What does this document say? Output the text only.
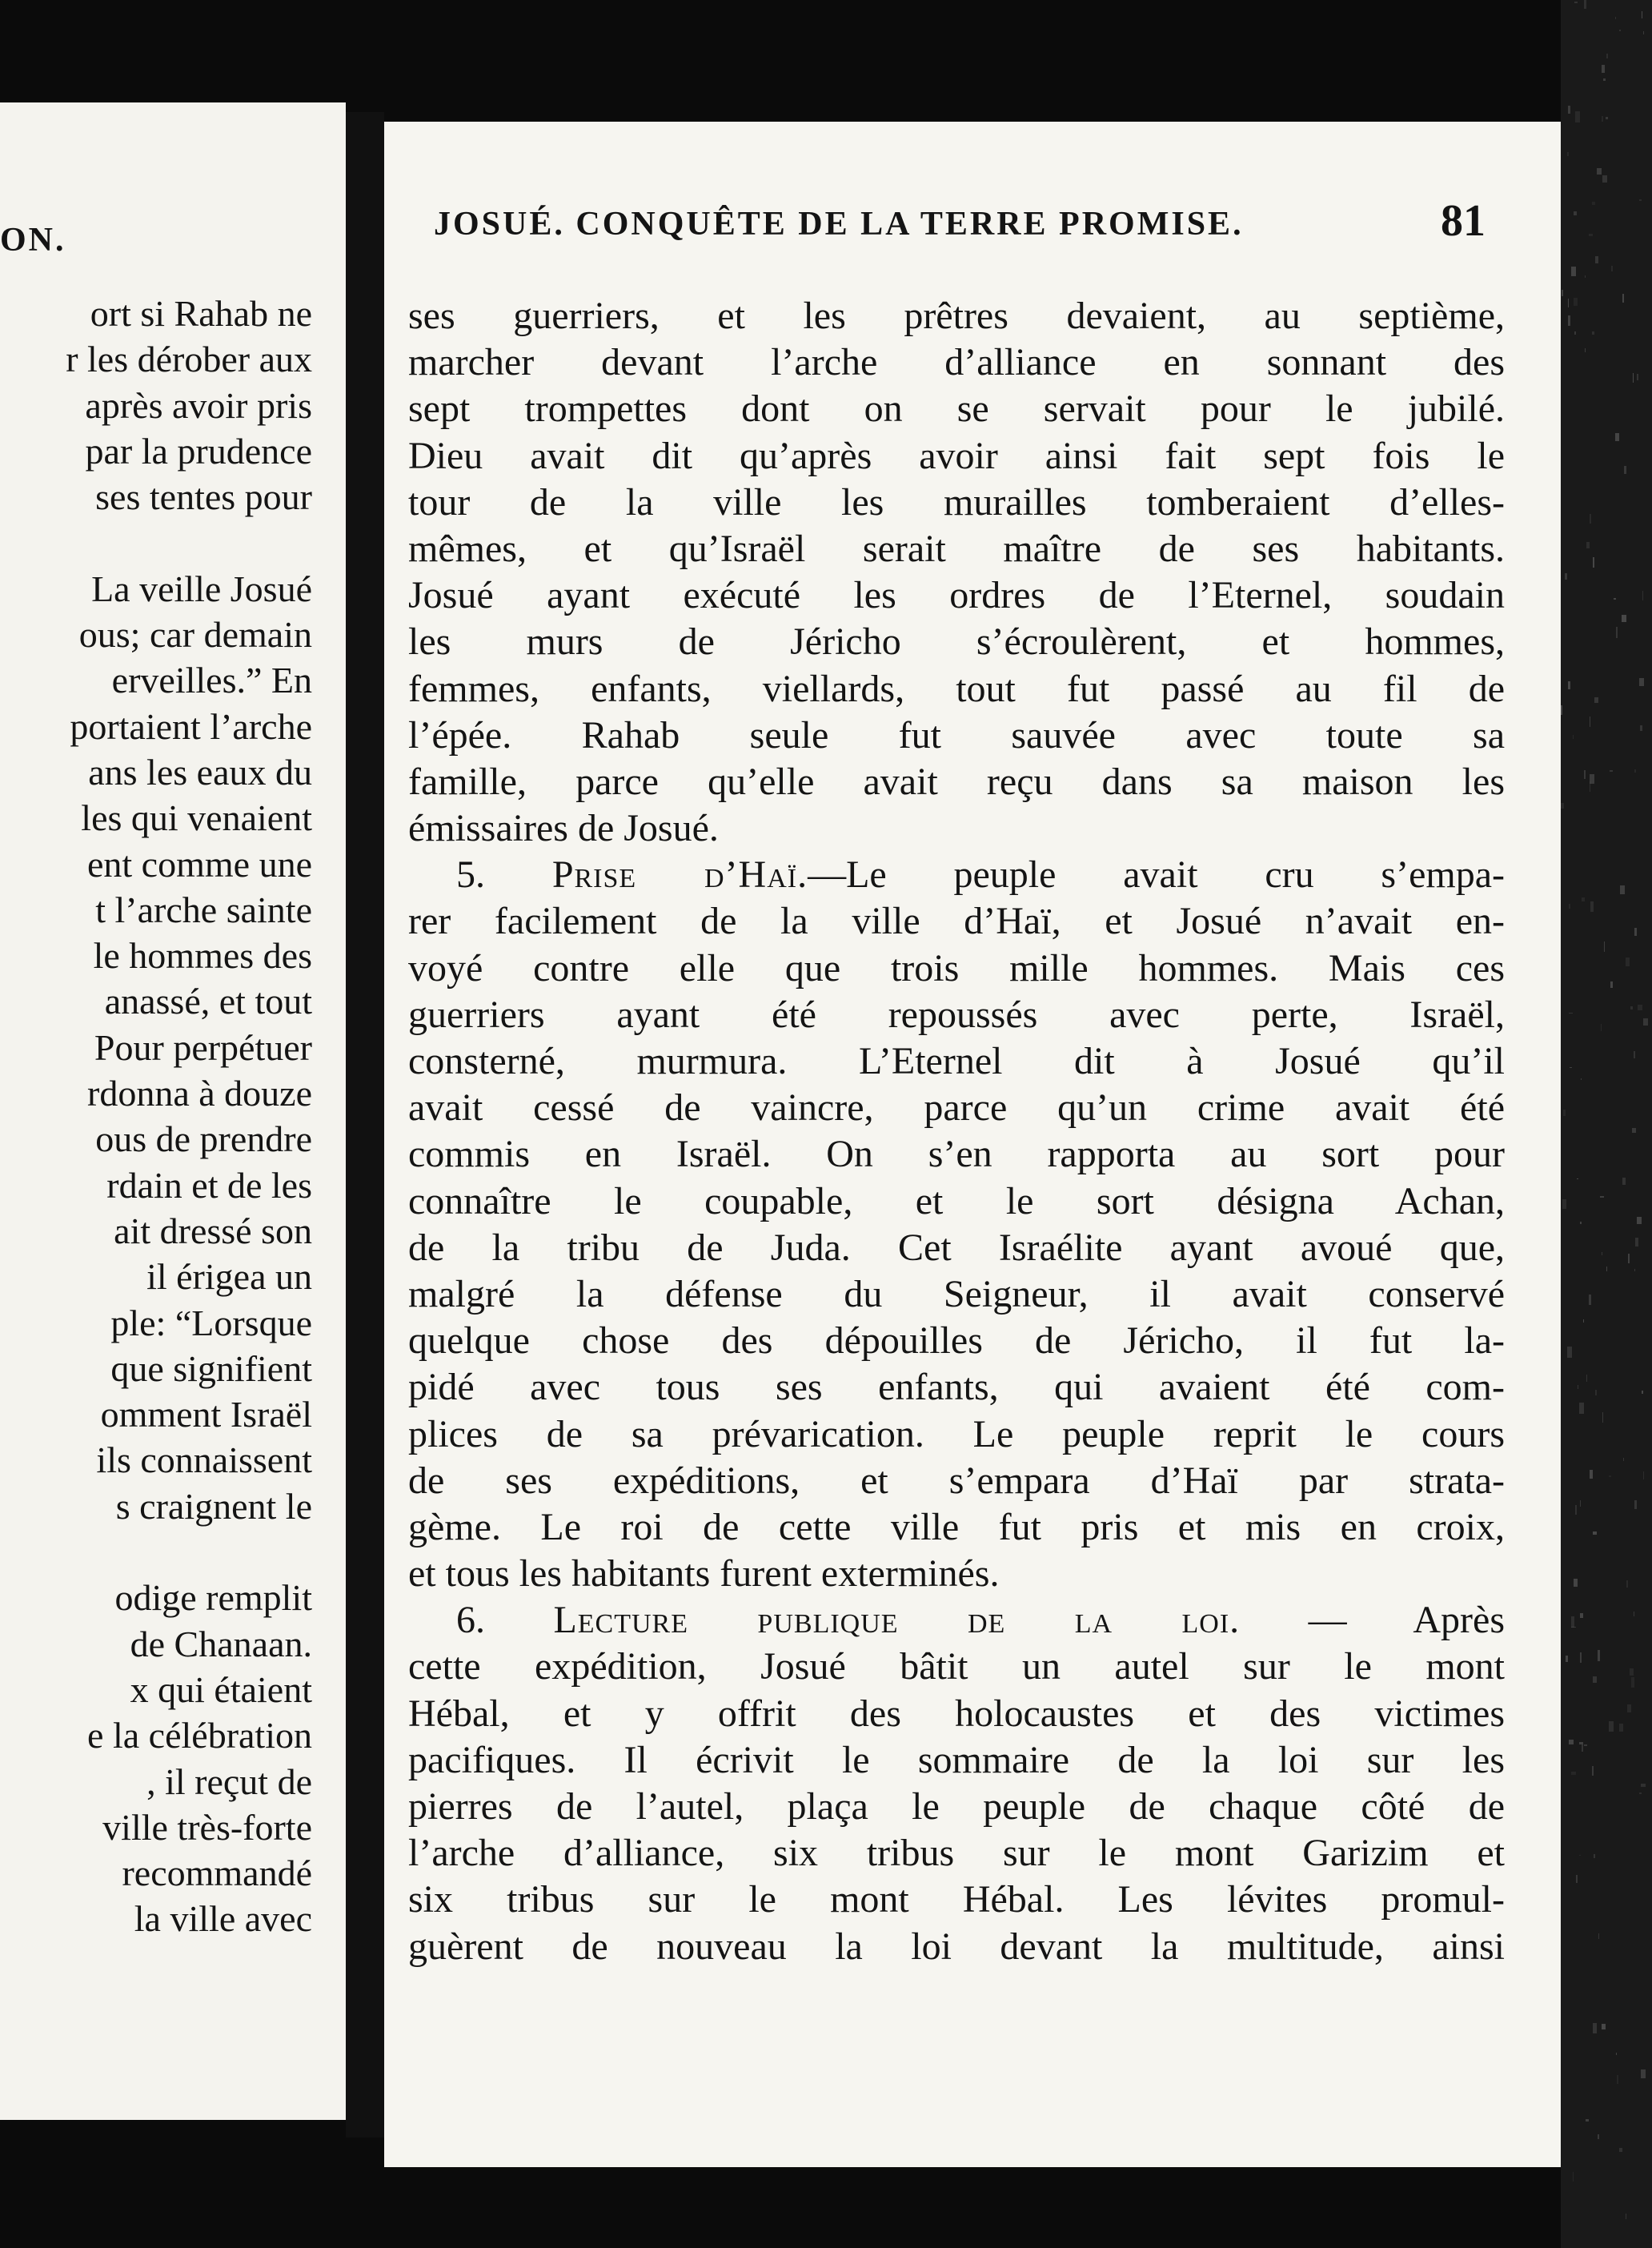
ON.
ort si Rahab ne
r les dérober aux
après avoir pris
par la prudence
ses tentes pour
La veille Josué
ous; car demain
erveilles.” En
portaient l’arche
ans les eaux du
les qui venaient
ent comme une
t l’arche sainte
le hommes des
anassé, et tout
Pour perpétuer
rdonna à douze
ous de prendre
rdain et de les
ait dressé son
il érigea un
ple: “Lorsque
que signifient
omment Israël
ils connaissent
s craignent le
odige remplit
de Chanaan.
x qui étaient
e la célébration
, il reçut de
ville très-forte
recommandé
la ville avec
JOSUÉ. CONQUÊTE DE LA TERRE PROMISE.	81
ses guerriers, et les prêtres devaient, au septième,
marcher devant l’arche d’alliance en sonnant des
sept trompettes dont on se servait pour le jubilé.
Dieu avait dit qu’après avoir ainsi fait sept fois le
tour de la ville les murailles tomberaient d’elles-
mêmes, et qu’Israël serait maître de ses habitants.
Josué ayant exécuté les ordres de l’Eternel, soudain
les murs de Jéricho s’écroulèrent, et hommes,
femmes, enfants, viellards, tout fut passé au fil de
l’épée. Rahab seule fut sauvée avec toute sa
famille, parce qu’elle avait reçu dans sa maison les
émissaires de Josué.
5. Prise d’Haï.—Le peuple avait cru s’empa-
rer facilement de la ville d’Haï, et Josué n’avait en-
voyé contre elle que trois mille hommes. Mais ces
guerriers ayant été repoussés avec perte, Israël,
consterné, murmura. L’Eternel dit à Josué qu’il
avait cessé de vaincre, parce qu’un crime avait été
commis en Israël. On s’en rapporta au sort pour
connaître le coupable, et le sort désigna Achan,
de la tribu de Juda. Cet Israélite ayant avoué que,
malgré la défense du Seigneur, il avait conservé
quelque chose des dépouilles de Jéricho, il fut la-
pidé avec tous ses enfants, qui avaient été com-
plices de sa prévarication. Le peuple reprit le cours
de ses expéditions, et s’empara d’Haï par strata-
gème. Le roi de cette ville fut pris et mis en croix,
et tous les habitants furent exterminés.
6. Lecture publique de la loi. — Après
cette expédition, Josué bâtit un autel sur le mont
Hébal, et y offrit des holocaustes et des victimes
pacifiques. Il écrivit le sommaire de la loi sur les
pierres de l’autel, plaça le peuple de chaque côté de
l’arche d’alliance, six tribus sur le mont Garizim et
six tribus sur le mont Hébal. Les lévites promul-
guèrent de nouveau la loi devant la multitude, ainsi
